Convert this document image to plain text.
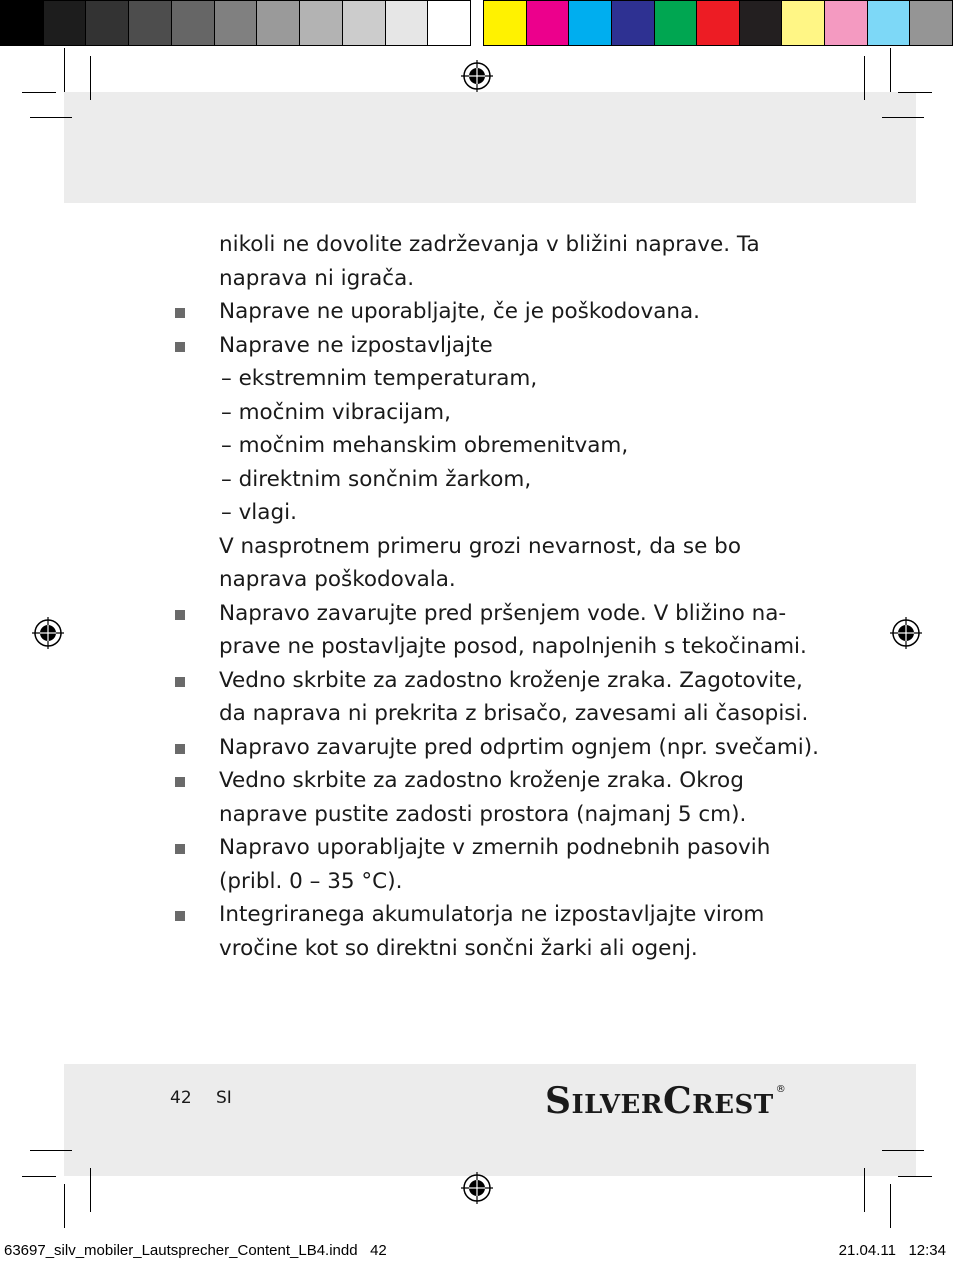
nikoli ne dovolite zadrževanja v bližini naprave. Ta
naprava ni igrača.
Naprave ne uporabljajte, če je poškodovana.
Naprave ne izpostavljajte
– ekstremnim temperaturam,
– močnim vibracijam,
– močnim mehanskim obremenitvam,
– direktnim sončnim žarkom,
– vlagi.
V nasprotnem primeru grozi nevarnost, da se bo
naprava poškodovala.
Napravo zavarujte pred pršenjem vode. V bližino na-
prave ne postavljajte posod, napolnjenih s tekočinami.
Vedno skrbite za zadostno kroženje zraka. Zagotovite,
da naprava ni prekrita z brisačo, zavesami ali časopisi.
Napravo zavarujte pred odprtim ognjem (npr. svečami).
Vedno skrbite za zadostno kroženje zraka. Okrog
naprave pustite zadosti prostora (najmanj 5 cm).
Napravo uporabljajte v zmernih podnebnih pasovih
(pribl. 0 – 35 °C).
Integriranega akumulatorja ne izpostavljajte virom
vročine kot so direktni sončni žarki ali ogenj.
42 SI	SILVERCREST®
63697_silv_mobiler_Lautsprecher_Content_LB4.indd   42	21.04.11   12:34
